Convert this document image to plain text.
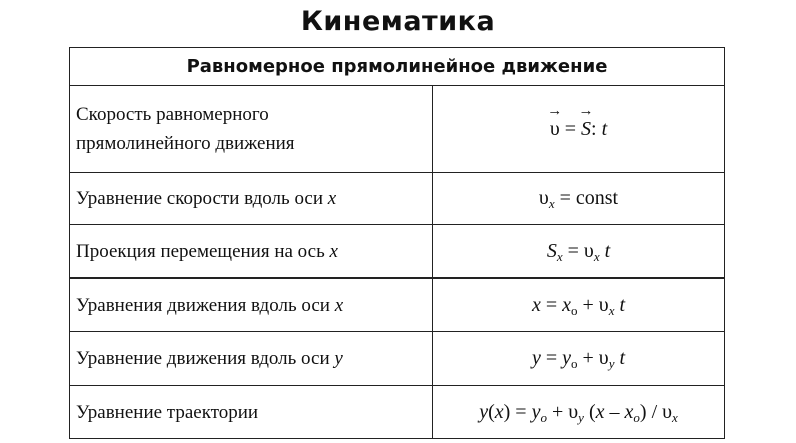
Кинематика
Равномерное прямолинейное движение	
Скорость равномерного
прямолинейного движения	→ υ = → S: t
Уравнение скорости вдоль оси x	$\upsilon_x$ = const
Проекция перемещения на ось x	$S_x = \upsilon_x$ t
Уравнения движения вдоль оси x	$x = x_o + \upsilon_x$ t
Уравнение движения вдоль оси y	$y = y_o + \upsilon_y$ t
Уравнение траектории	$y(x) = y_o + \upsilon_y$ $(x - x_o) / \upsilon_x$
